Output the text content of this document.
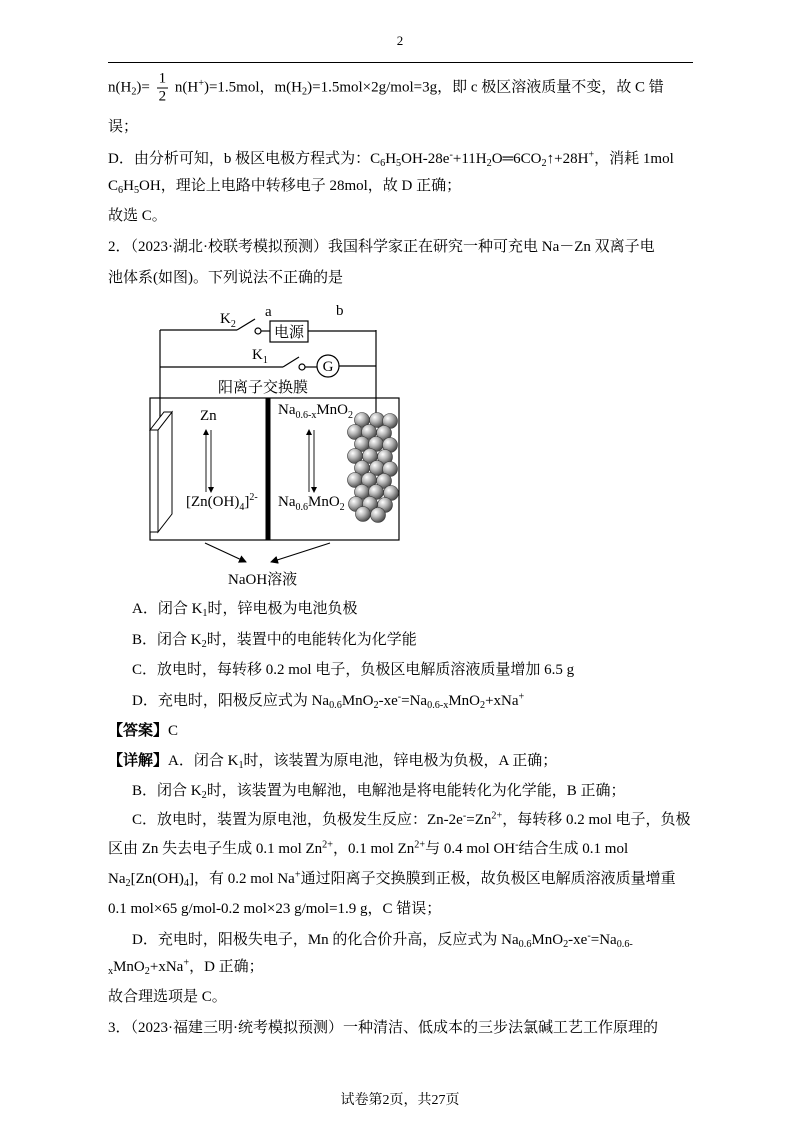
2
$n(H_2)= \frac{1}{2} n(H^+)=1.5mol$，$m(H_2)=1.5mol\times 2g/mol=3g$，即 c 极区溶液质量不变，故 C 错
误；
D．由分析可知，b 极区电极方程式为：$C_6H_5OH-28e^-+11H_2O═6CO_2↑+28H^+$，消耗 1mol
$C_6H_5OH$，理论上电路中转移电子 28mol，故 D 正确；
故选 C。
2．（2023·湖北·校联考模拟预测）我国科学家正在研究一种可充电 Na－Zn 双离子电
池体系(如图)。下列说法不正确的是
电源
a	b
$K_2$
G
$K_1$
阳离子交换膜
Zn	$Na_{0.6-x}MnO_2$
$[Zn(OH)_4]^{2-}$ $Na_{0.6}MnO_2$
NaOH溶液
A．闭合 $K_1$时，锌电极为电池负极
B．闭合 $K_2$时，装置中的电能转化为化学能
C．放电时，每转移 0.2 mol 电子，负极区电解质溶液质量增加 6.5 g
D．充电时，阳极反应式为 $Na_{0.6}MnO_2-xe^-=Na_{0.6-x}MnO_2+xNa^+$
【答案】C
【详解】A．闭合 $K_1$时，该装置为原电池，锌电极为负极，A 正确；
B．闭合 $K_2$时，该装置为电解池，电解池是将电能转化为化学能，B 正确；
C．放电时，装置为原电池，负极发生反应：$Zn-2e^-=Zn^{2+}$，每转移 0.2 mol 电子，负极
区由 Zn 失去电子生成 0.1 mol $Zn^{2+}$，0.1 mol $Zn^{2+}$与 0.4 mol OH-结合生成 0.1 mol
$Na_2[Zn(OH)_4]$，有 0.2 mol Na+通过阳离子交换膜到正极，故负极区电解质溶液质量增重
0.1 mol×65 g/mol-0.2 mol×23 g/mol=1.9 g，C 错误；
D．充电时，阳极失电子，Mn 的化合价升高，反应式为 $Na_{0.6}MnO_2-xe^-=Na_{0.6-}$
$_x$MnO$_2$+xNa+，D 正确；
故合理选项是 C。
3．（2023·福建三明·统考模拟预测）一种清洁、低成本的三步法氯碱工艺工作原理的
试卷第2页，共27页
